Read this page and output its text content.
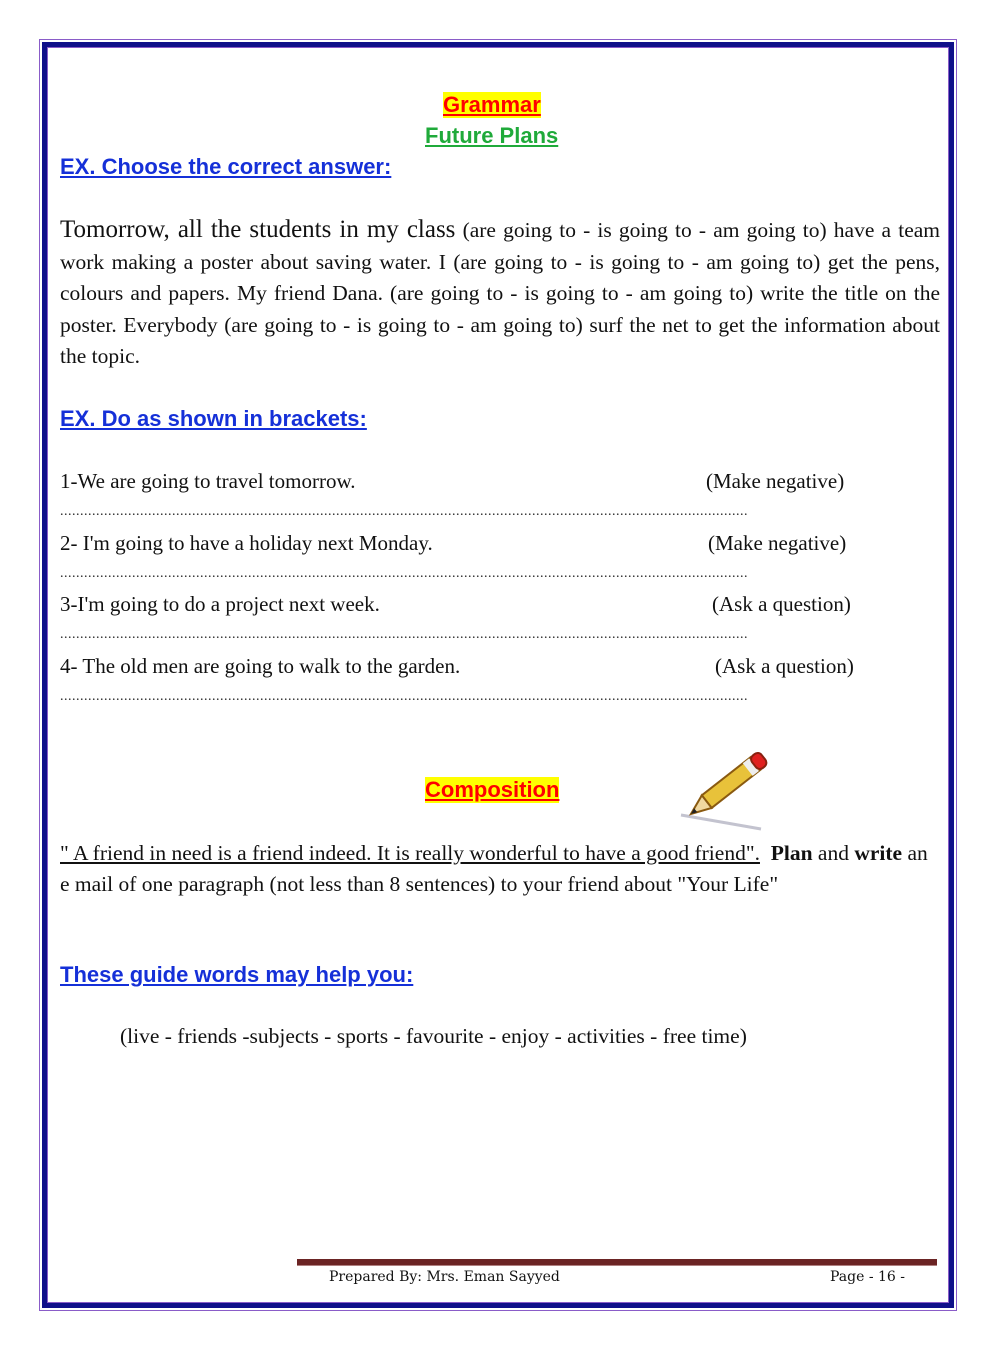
Grammar
Future Plans
EX. Choose the correct answer:
Tomorrow, all the students in my class (are going to - is going to - am going to) have a team work making a poster about saving water. I (are going to - is going to - am going to) get the pens, colours and papers. My friend Dana. (are going to - is going to - am going to) write the title on the poster. Everybody (are going to - is going to - am going to) surf the net to get the information about the topic.
EX. Do as shown in brackets:
1-We are going to travel tomorrow.	(Make negative)
............................................................................................................................................................................
2- I'm going to have a holiday next Monday.	(Make negative)
............................................................................................................................................................................
3-I'm going to do a project next week.	(Ask a question)
............................................................................................................................................................................
4- The old men are going to walk to the garden.	(Ask a question)
............................................................................................................................................................................
Composition
" A friend in need is a friend indeed. It is really wonderful to have a good friend". Plan and write an e mail of one paragraph (not less than 8 sentences) to your friend about "Your Life"
These guide words may help you:
(live - friends -subjects - sports - favourite - enjoy - activities - free time)
Prepared By: Mrs. Eman Sayyed	Page - 16 -
